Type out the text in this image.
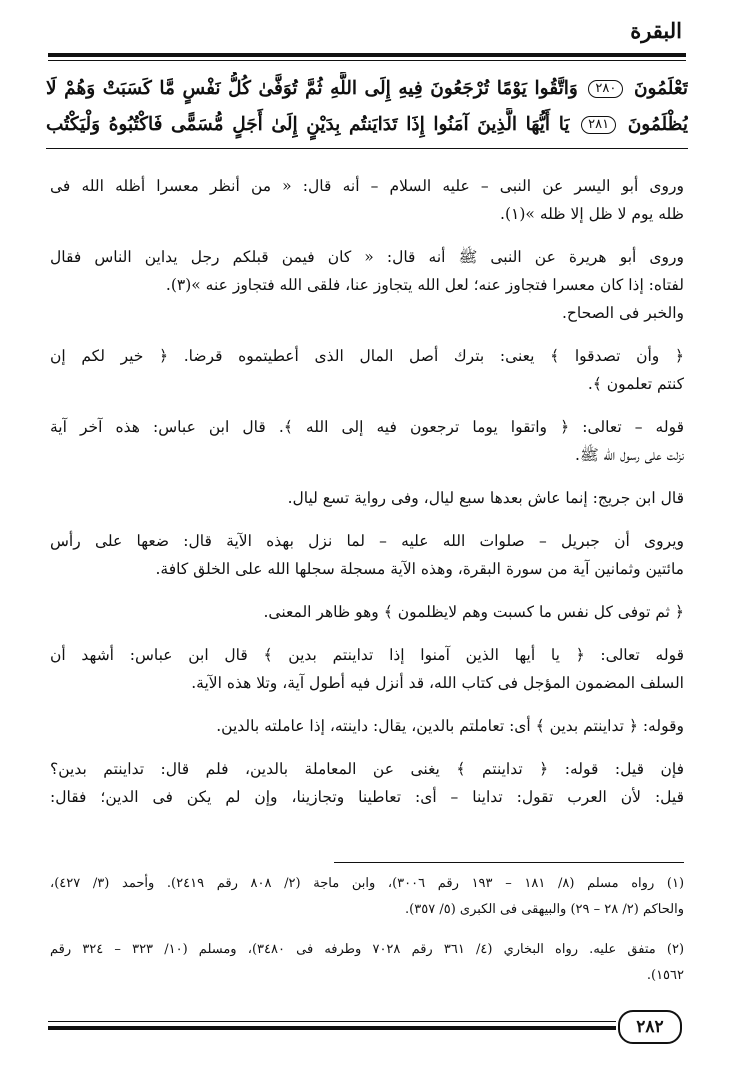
البقرة
تَعْلَمُونَ ٢٨٠ وَاتَّقُوا يَوْمًا تُرْجَعُونَ فِيهِ إِلَى اللَّهِ ثُمَّ تُوَفَّىٰ كُلُّ نَفْسٍ مَّا كَسَبَتْ وَهُمْ لَا
يُظْلَمُونَ ٢٨١ يَا أَيُّهَا الَّذِينَ آمَنُوا إِذَا تَدَايَنتُم بِدَيْنٍ إِلَىٰ أَجَلٍ مُّسَمًّى فَاكْتُبُوهُ وَلْيَكْتُب
وروى أبو اليسر عن النبى – عليه السلام – أنه قال: « من أنظر معسرا أظله الله فى
ظله يوم لا ظل إلا ظله »(١).
وروى أبو هريرة عن النبى ﷺ أنه قال: « كان فيمن قبلكم رجل يداين الناس فقال
لفتاه: إذا كان معسرا فتجاوز عنه؛ لعل الله يتجاوز عنا، فلقى الله فتجاوز عنه »(٣).
والخبر فى الصحاح.
﴿ وأن تصدقوا ﴾ يعنى: بترك أصل المال الذى أعطيتموه قرضا. ﴿ خير لكم إن
كنتم تعلمون ﴾.
قوله – تعالى: ﴿ واتقوا يوما ترجعون فيه إلى الله ﴾. قال ابن عباس: هذه آخر آية
نزلت على رسول الله ﷺ.
قال ابن جريج: إنما عاش بعدها سبع ليال، وفى رواية تسع ليال.
ويروى أن جبريل – صلوات الله عليه – لما نزل بهذه الآية قال: ضعها على رأس
مائتين وثمانين آية من سورة البقرة، وهذه الآية مسجلة سجلها الله على الخلق كافة.
﴿ ثم توفى كل نفس ما كسبت وهم لايظلمون ﴾ وهو ظاهر المعنى.
قوله تعالى: ﴿ يا أيها الذين آمنوا إذا تداينتم بدين ﴾ قال ابن عباس: أشهد أن
السلف المضمون المؤجل فى كتاب الله، قد أنزل فيه أطول آية، وتلا هذه الآية.
وقوله: ﴿ تداينتم بدين ﴾ أى: تعاملتم بالدين، يقال: داينته، إذا عاملته بالدين.
فإن قيل: قوله: ﴿ تداينتم ﴾ يغنى عن المعاملة بالدين، فلم قال: تداينتم بدين؟
قيل: لأن العرب تقول: تداينا – أى: تعاطينا وتجازينا، وإن لم يكن فى الدين؛ فقال:
(١) رواه مسلم (٨/ ١٨١ – ١٩٣ رقم ٣٠٠٦)، وابن ماجة (٢/ ٨٠٨ رقم ٢٤١٩). وأحمد (٣/ ٤٢٧)،
والحاكم (٢/ ٢٨ – ٢٩) والبيهقى فى الكبرى (٥/ ٣٥٧).
(٢) متفق عليه. رواه البخاري (٤/ ٣٦١ رقم ٧٠٢٨ وطرفه فى ٣٤٨٠)، ومسلم (١٠/ ٣٢٣ – ٣٢٤ رقم
١٥٦٢).
٢٨٢
